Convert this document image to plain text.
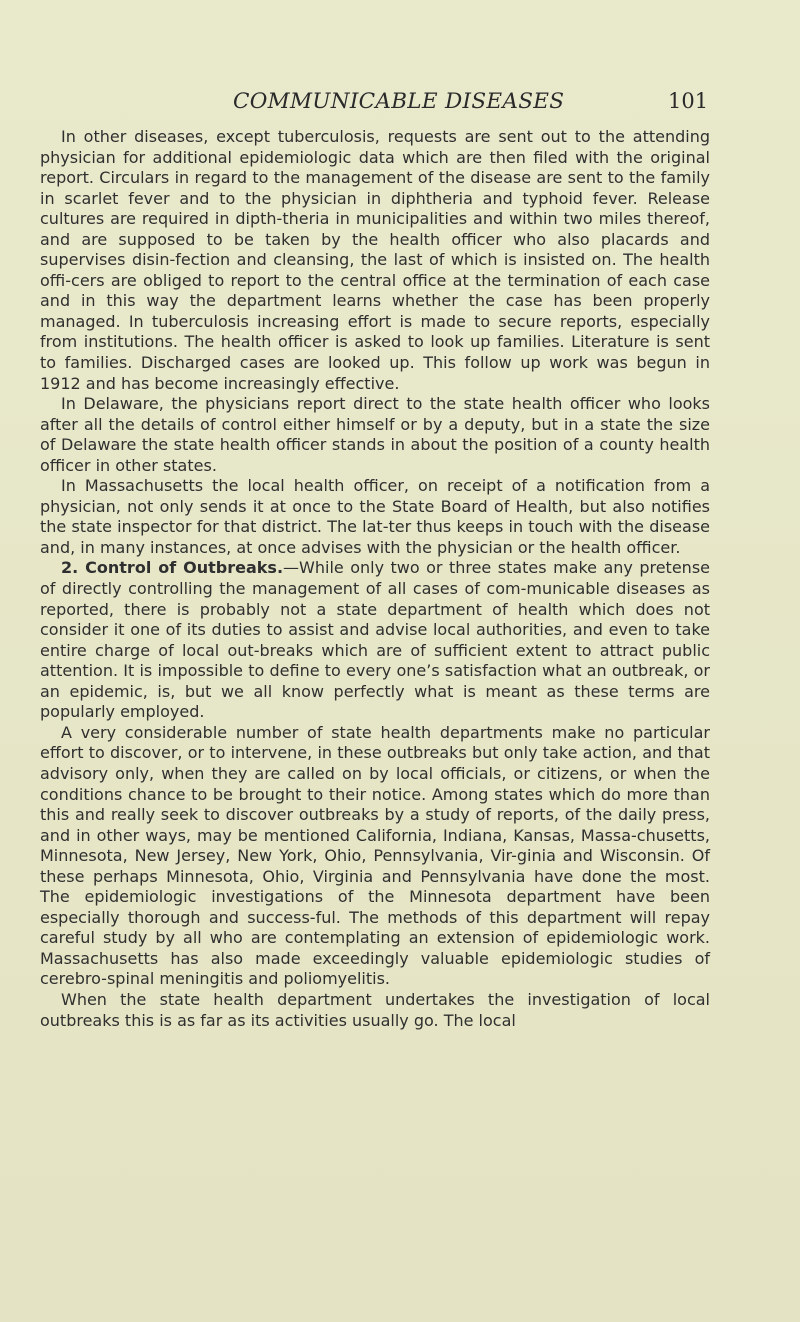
COMMUNICABLE DISEASES	101

In other diseases, except tuberculosis, requests are sent out to the attending physician for additional epidemiologic data which are then filed with the original report. Circulars in regard to the management of the disease are sent to the family in scarlet fever and to the physician in diphtheria and typhoid fever. Release cultures are required in dipth-theria in municipalities and within two miles thereof, and are supposed to be taken by the health officer who also placards and supervises disin-fection and cleansing, the last of which is insisted on. The health offi-cers are obliged to report to the central office at the termination of each case and in this way the department learns whether the case has been properly managed. In tuberculosis increasing effort is made to secure reports, especially from institutions. The health officer is asked to look up families. Literature is sent to families. Discharged cases are looked up. This follow up work was begun in 1912 and has become increasingly effective.

In Delaware, the physicians report direct to the state health officer who looks after all the details of control either himself or by a deputy, but in a state the size of Delaware the state health officer stands in about the position of a county health officer in other states.

In Massachusetts the local health officer, on receipt of a notification from a physician, not only sends it at once to the State Board of Health, but also notifies the state inspector for that district. The lat-ter thus keeps in touch with the disease and, in many instances, at once advises with the physician or the health officer.

2. Control of Outbreaks.—While only two or three states make any pretense of directly controlling the management of all cases of com-municable diseases as reported, there is probably not a state department of health which does not consider it one of its duties to assist and advise local authorities, and even to take entire charge of local out-breaks which are of sufficient extent to attract public attention. It is impossible to define to every one’s satisfaction what an outbreak, or an epidemic, is, but we all know perfectly what is meant as these terms are popularly employed.

A very considerable number of state health departments make no particular effort to discover, or to intervene, in these outbreaks but only take action, and that advisory only, when they are called on by local officials, or citizens, or when the conditions chance to be brought to their notice. Among states which do more than this and really seek to discover outbreaks by a study of reports, of the daily press, and in other ways, may be mentioned California, Indiana, Kansas, Massa-chusetts, Minnesota, New Jersey, New York, Ohio, Pennsylvania, Vir-ginia and Wisconsin. Of these perhaps Minnesota, Ohio, Virginia and Pennsylvania have done the most. The epidemiologic investigations of the Minnesota department have been especially thorough and success-ful. The methods of this department will repay careful study by all who are contemplating an extension of epidemiologic work. Massachusetts has also made exceedingly valuable epidemiologic studies of cerebro-spinal meningitis and poliomyelitis.

When the state health department undertakes the investigation of local outbreaks this is as far as its activities usually go. The local
